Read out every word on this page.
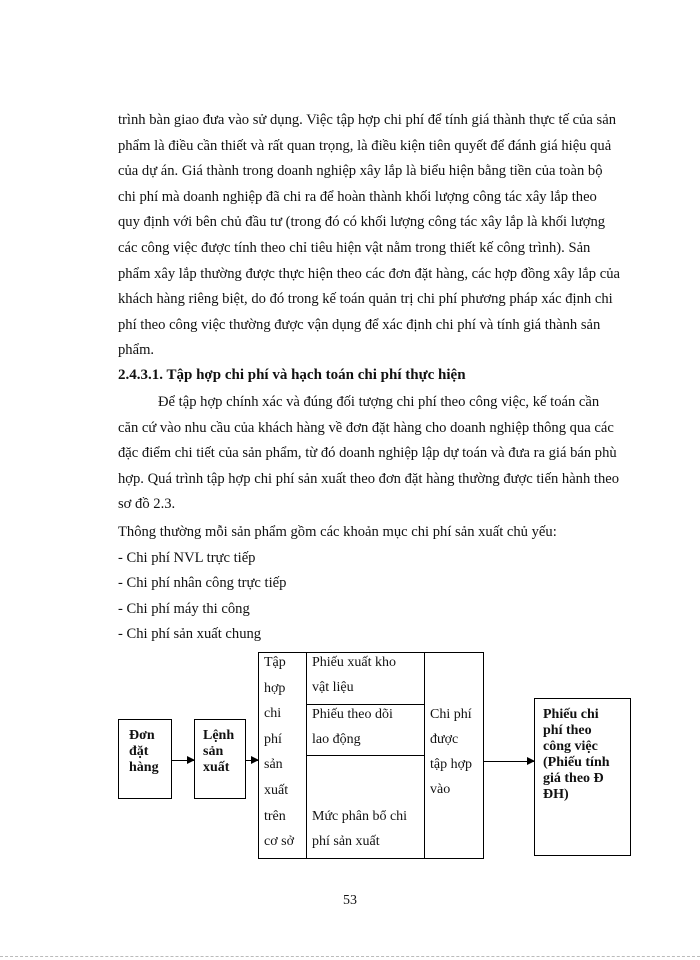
trình bàn giao đưa vào sử dụng. Việc tập hợp chi phí để tính giá thành thực tế của sản
phẩm là điều cần thiết và rất quan trọng, là điều kiện tiên quyết để đánh giá hiệu quả
của dự án. Giá thành trong doanh nghiệp xây lắp là biểu hiện bằng tiền của toàn bộ
chi phí mà doanh nghiệp đã chi ra để hoàn thành khối lượng công tác xây lắp theo
quy định với bên chủ đầu tư (trong đó có khối lượng công tác xây lắp là khối lượng
các công việc được tính theo chỉ tiêu hiện vật nằm trong thiết kế công trình). Sản
phẩm xây lắp thường được thực hiện theo các đơn đặt hàng, các hợp đồng xây lắp của
khách hàng riêng biệt, do đó trong kế toán quản trị chi phí phương pháp xác định chi
phí theo công việc thường được vận dụng để xác định chi phí và tính giá thành sản
phẩm.
2.4.3.1. Tập hợp chi phí và hạch toán chi phí thực hiện
Để tập hợp chính xác và đúng đối tượng chi phí theo công việc, kế toán cần
căn cứ vào nhu cầu của khách hàng về đơn đặt hàng cho doanh nghiệp thông qua các
đặc điểm chi tiết của sản phẩm, từ đó doanh nghiệp lập dự toán và đưa ra giá bán phù
hợp. Quá trình tập hợp chi phí sản xuất theo đơn đặt hàng thường được tiến hành theo
sơ đồ 2.3.
Thông thường mỗi sản phẩm gồm các khoản mục chi phí sản xuất chủ yếu:
- Chi phí NVL trực tiếp
- Chi phí nhân công trực tiếp
- Chi phí máy thi công
- Chi phí sản xuất chung
Đơn
đặt
hàng
Lệnh
sản
xuất
Tập
hợp
chi
phí
sản
xuất
trên
cơ sở
Phiếu xuất kho
vật liệu
Phiếu theo dõi
lao động
Mức phân bổ chi
phí sản xuất
Chi phí
được
tập hợp
vào
Phiếu chi
phí theo
công việc
(Phiếu tính
giá theo Đ
ĐH)
53
